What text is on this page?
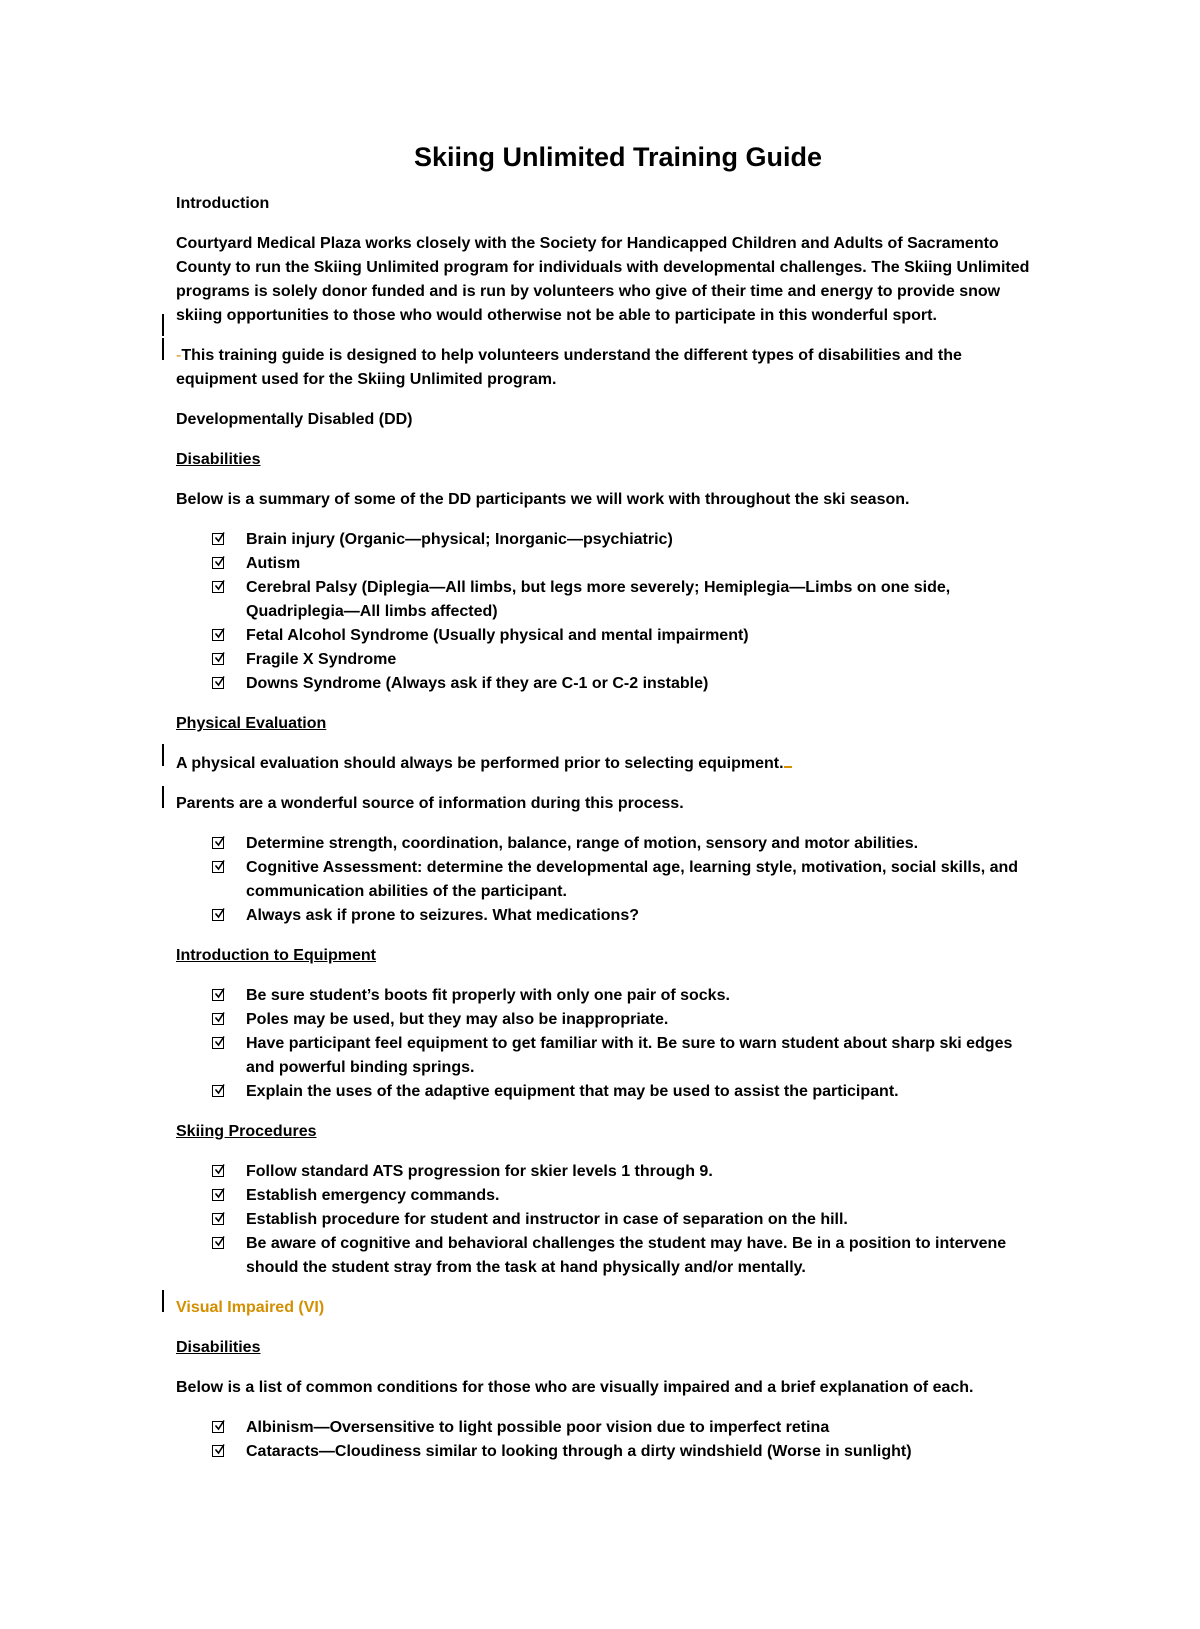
Skiing Unlimited Training Guide
Introduction
Courtyard Medical Plaza works closely with the Society for Handicapped Children and Adults of Sacramento County to run the Skiing Unlimited program for individuals with developmental challenges. The Skiing Unlimited programs is solely donor funded and is run by volunteers who give of their time and energy to provide snow skiing opportunities to those who would otherwise not be able to participate in this wonderful sport.
-This training guide is designed to help volunteers understand the different types of disabilities and the equipment used for the Skiing Unlimited program.
Developmentally Disabled (DD)
Disabilities
Below is a summary of some of the DD participants we will work with throughout the ski season.
Brain injury (Organic—physical; Inorganic—psychiatric)
Autism
Cerebral Palsy (Diplegia—All limbs, but legs more severely; Hemiplegia—Limbs on one side, Quadriplegia—All limbs affected)
Fetal Alcohol Syndrome (Usually physical and mental impairment)
Fragile X Syndrome
Downs Syndrome (Always ask if they are C-1 or C-2 instable)
Physical Evaluation
A physical evaluation should always be performed prior to selecting equipment.
Parents are a wonderful source of information during this process.
Determine strength, coordination, balance, range of motion, sensory and motor abilities.
Cognitive Assessment: determine the developmental age, learning style, motivation, social skills, and communication abilities of the participant.
Always ask if prone to seizures. What medications?
Introduction to Equipment
Be sure student’s boots fit properly with only one pair of socks.
Poles may be used, but they may also be inappropriate.
Have participant feel equipment to get familiar with it. Be sure to warn student about sharp ski edges and powerful binding springs.
Explain the uses of the adaptive equipment that may be used to assist the participant.
Skiing Procedures
Follow standard ATS progression for skier levels 1 through 9.
Establish emergency commands.
Establish procedure for student and instructor in case of separation on the hill.
Be aware of cognitive and behavioral challenges the student may have. Be in a position to intervene should the student stray from the task at hand physically and/or mentally.
Visual Impaired (VI)
Disabilities
Below is a list of common conditions for those who are visually impaired and a brief explanation of each.
Albinism—Oversensitive to light possible poor vision due to imperfect retina
Cataracts—Cloudiness similar to looking through a dirty windshield (Worse in sunlight)
